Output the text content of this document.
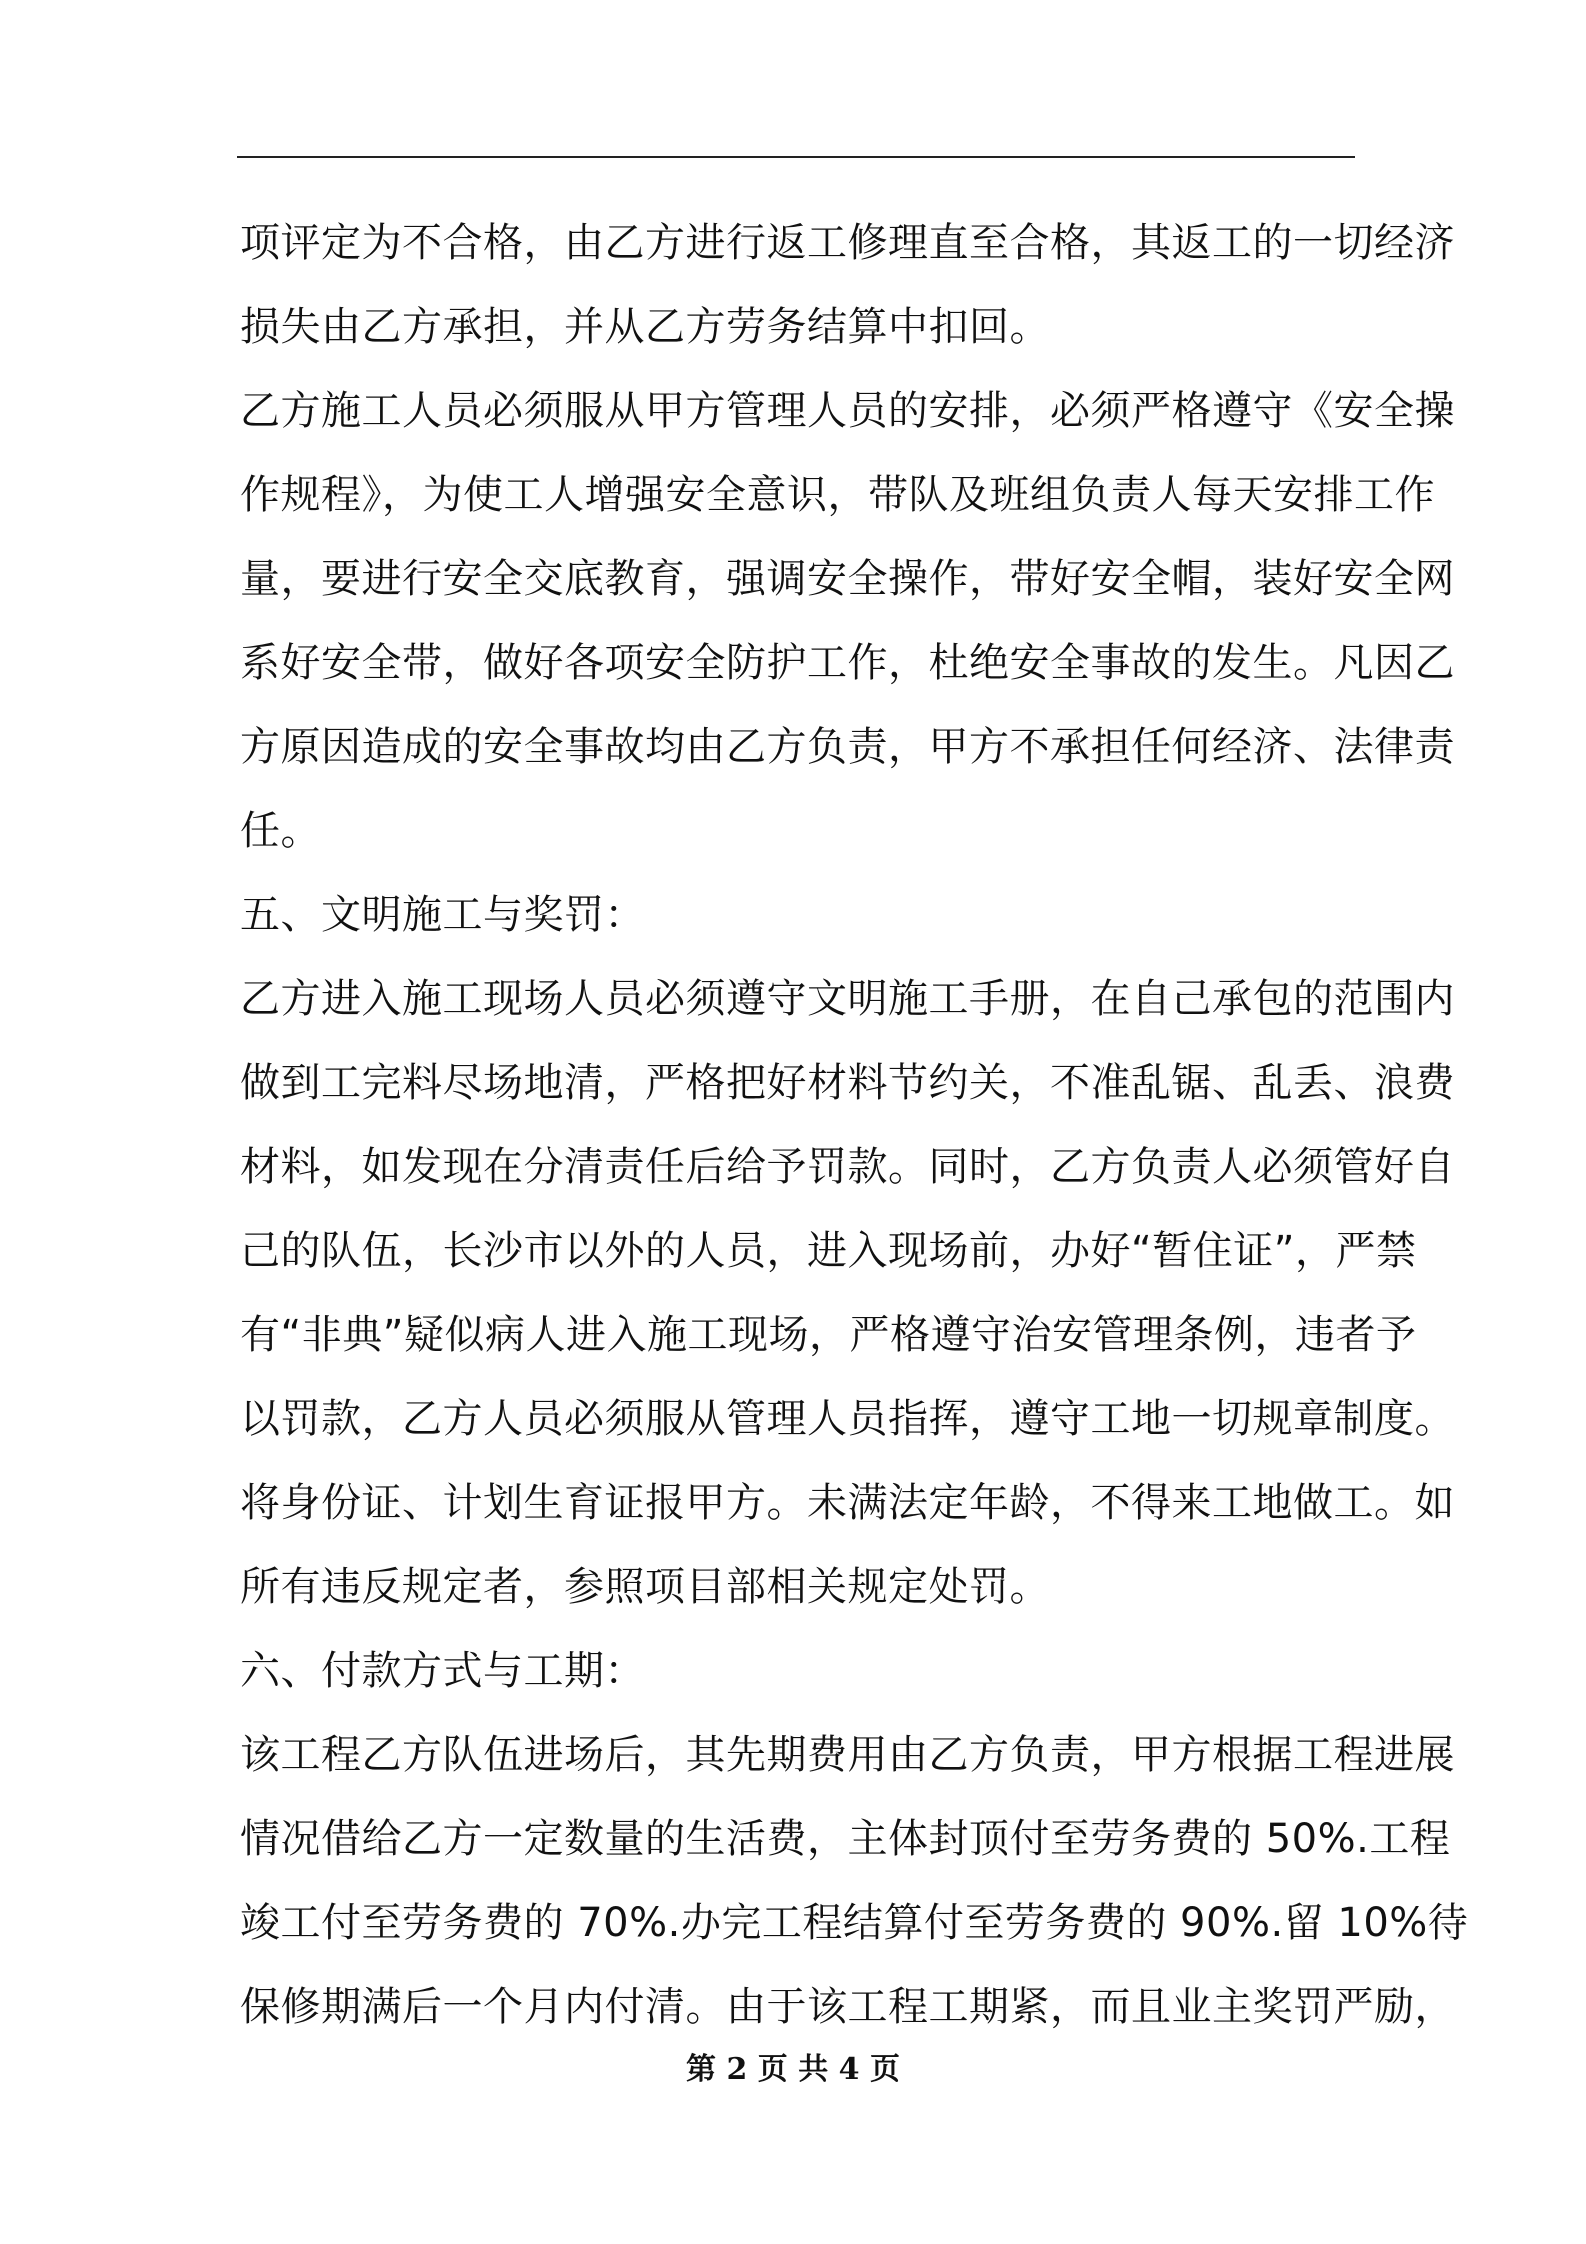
项评定为不合格，由乙方进行返工修理直至合格，其返工的一切经济
损失由乙方承担，并从乙方劳务结算中扣回。
乙方施工人员必须服从甲方管理人员的安排，必须严格遵守《安全操
作规程》，为使工人增强安全意识，带队及班组负责人每天安排工作
量，要进行安全交底教育，强调安全操作，带好安全帽，装好安全网
系好安全带，做好各项安全防护工作，杜绝安全事故的发生。凡因乙
方原因造成的安全事故均由乙方负责，甲方不承担任何经济、法律责
任。
五、文明施工与奖罚：
乙方进入施工现场人员必须遵守文明施工手册，在自己承包的范围内
做到工完料尽场地清，严格把好材料节约关，不准乱锯、乱丢、浪费
材料，如发现在分清责任后给予罚款。同时，乙方负责人必须管好自
己的队伍，长沙市以外的人员，进入现场前，办好“暂住证”，严禁
有“非典”疑似病人进入施工现场，严格遵守治安管理条例，违者予
以罚款，乙方人员必须服从管理人员指挥，遵守工地一切规章制度。
将身份证、计划生育证报甲方。未满法定年龄，不得来工地做工。如
所有违反规定者，参照项目部相关规定处罚。
六、付款方式与工期：
该工程乙方队伍进场后，其先期费用由乙方负责，甲方根据工程进展
情况借给乙方一定数量的生活费，主体封顶付至劳务费的 50%.工程
竣工付至劳务费的 70%.办完工程结算付至劳务费的 90%.留 10%待
保修期满后一个月内付清。由于该工程工期紧，而且业主奖罚严励，
第 2 页 共 4 页
